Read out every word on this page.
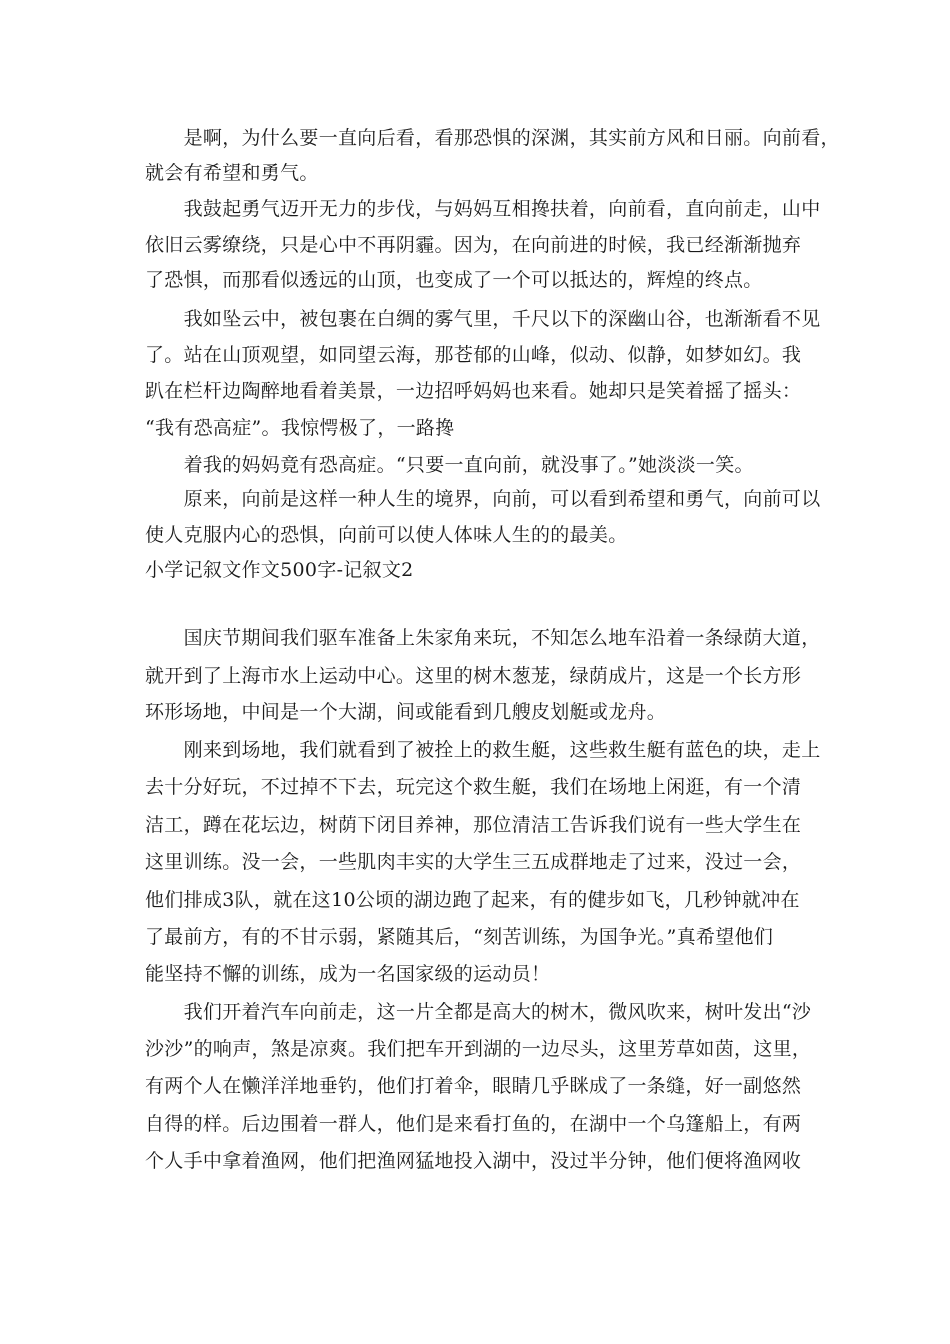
　　是啊，为什么要一直向后看，看那恐惧的深渊，其实前方风和日丽。向前看，
就会有希望和勇气。
　　我鼓起勇气迈开无力的步伐，与妈妈互相搀扶着，向前看，直向前走，山中
依旧云雾缭绕，只是心中不再阴霾。因为，在向前进的时候，我已经渐渐抛弃
了恐惧，而那看似透远的山顶，也变成了一个可以抵达的，辉煌的终点。
　　我如坠云中，被包裹在白绸的雾气里，千尺以下的深幽山谷，也渐渐看不见
了。站在山顶观望，如同望云海，那苍郁的山峰，似动、似静，如梦如幻。我
趴在栏杆边陶醉地看着美景，一边招呼妈妈也来看。她却只是笑着摇了摇头：
“我有恐高症”。我惊愕极了，一路搀
　　着我的妈妈竟有恐高症。“只要一直向前，就没事了。”她淡淡一笑。
　　原来，向前是这样一种人生的境界，向前，可以看到希望和勇气，向前可以
使人克服内心的恐惧，向前可以使人体味人生的的最美。
小学记叙文作文500字-记叙文2
　　国庆节期间我们驱车准备上朱家角来玩，不知怎么地车沿着一条绿荫大道，
就开到了上海市水上运动中心。这里的树木葱茏，绿荫成片，这是一个长方形
环形场地，中间是一个大湖，间或能看到几艘皮划艇或龙舟。
　　刚来到场地，我们就看到了被拴上的救生艇，这些救生艇有蓝色的块，走上
去十分好玩，不过掉不下去，玩完这个救生艇，我们在场地上闲逛，有一个清
洁工，蹲在花坛边，树荫下闭目养神，那位清洁工告诉我们说有一些大学生在
这里训练。没一会，一些肌肉丰实的大学生三五成群地走了过来，没过一会，
他们排成3队，就在这10公顷的湖边跑了起来，有的健步如飞，几秒钟就冲在
了最前方，有的不甘示弱，紧随其后，“刻苦训练，为国争光。”真希望他们
能坚持不懈的训练，成为一名国家级的运动员！
　　我们开着汽车向前走，这一片全都是高大的树木，微风吹来，树叶发出“沙
沙沙”的响声，煞是凉爽。我们把车开到湖的一边尽头，这里芳草如茵，这里，
有两个人在懒洋洋地垂钓，他们打着伞，眼睛几乎眯成了一条缝，好一副悠然
自得的样。后边围着一群人，他们是来看打鱼的，在湖中一个乌篷船上，有两
个人手中拿着渔网，他们把渔网猛地投入湖中，没过半分钟，他们便将渔网收
